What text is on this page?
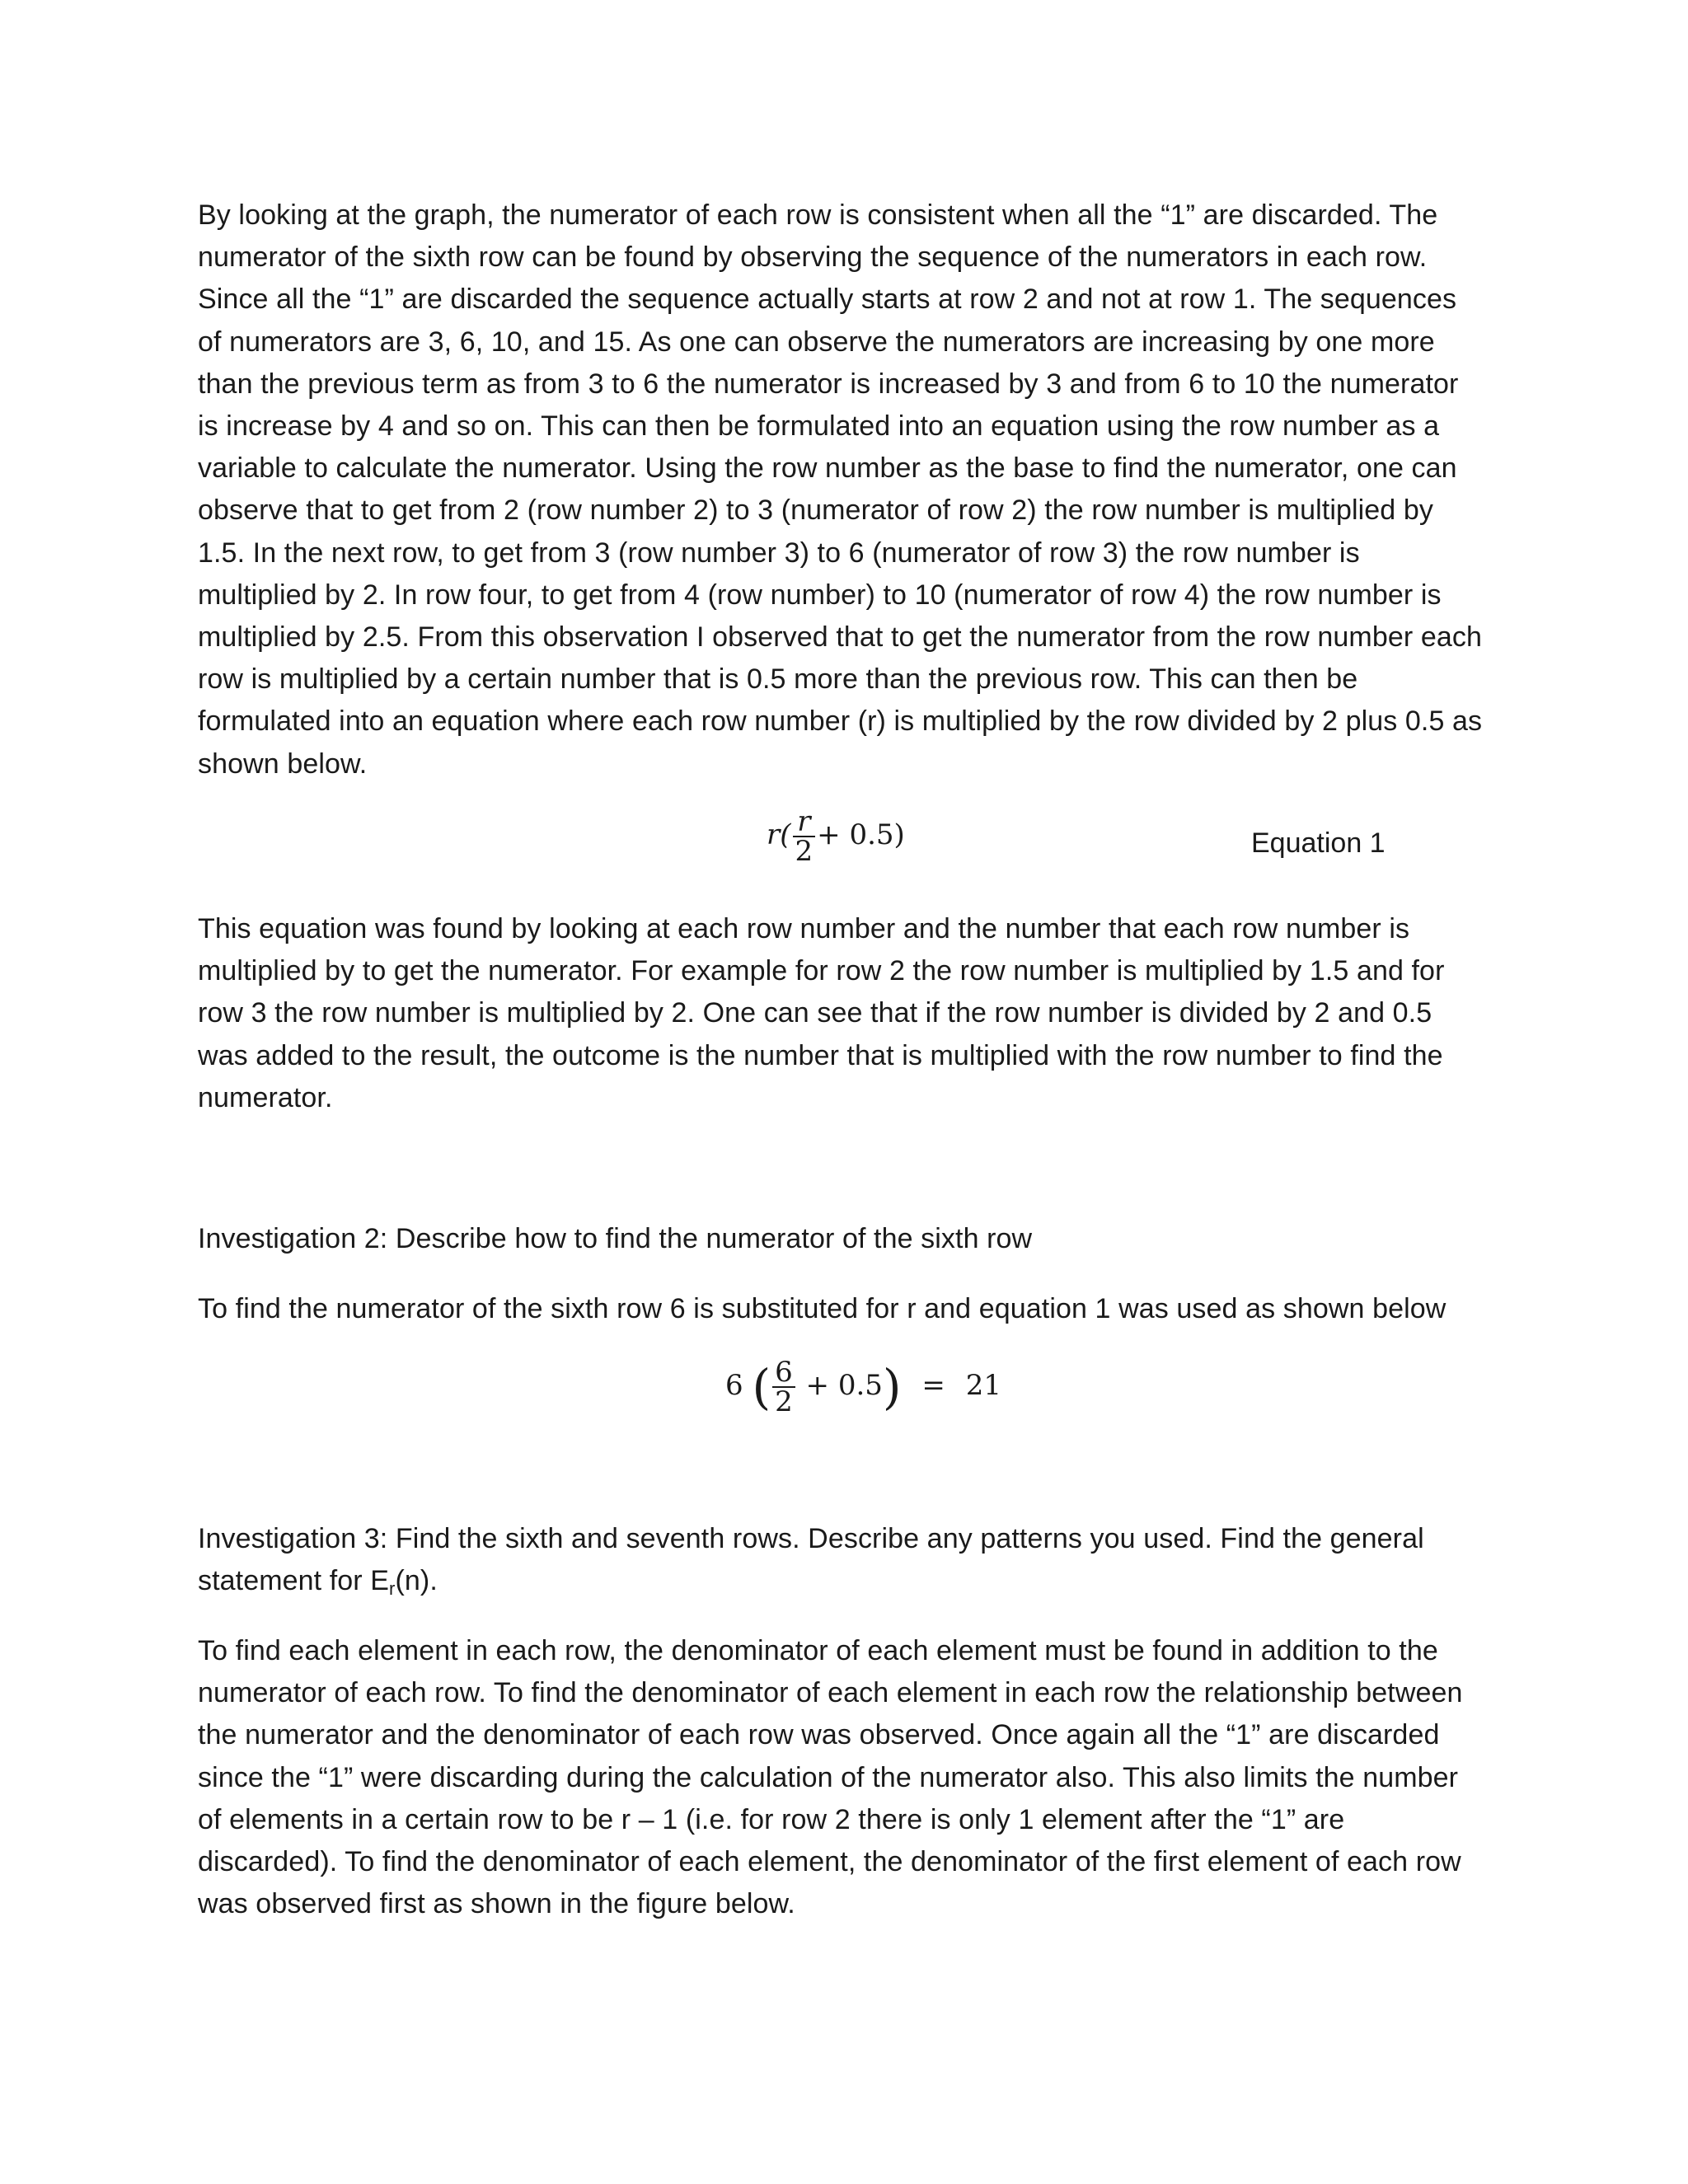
By looking at the graph, the numerator of each row is consistent when all the “1” are discarded. The numerator of the sixth row can be found by observing the sequence of the numerators in each row. Since all the “1” are discarded the sequence actually starts at row 2 and not at row 1. The sequences of numerators are 3, 6, 10, and 15. As one can observe the numerators are increasing by one more than the previous term as from 3 to 6 the numerator is increased by 3 and from 6 to 10 the numerator is increase by 4 and so on. This can then be formulated into an equation using the row number as a variable to calculate the numerator. Using the row number as the base to find the numerator, one can observe that to get from 2 (row number 2) to 3 (numerator of row 2) the row number is multiplied by 1.5. In the next row, to get from 3 (row number 3) to 6 (numerator of row 3) the row number is multiplied by 2. In row four, to get from 4 (row number) to 10 (numerator of row 4) the row number is multiplied by 2.5. From this observation I observed that to get the numerator from the row number each row is multiplied by a certain number that is 0.5 more than the previous row. This can then be formulated into an equation where each row number (r) is multiplied by the row divided by 2 plus 0.5 as shown below.

$r( \frac{r}{2} + 0.5)$	Equation 1

This equation was found by looking at each row number and the number that each row number is multiplied by to get the numerator. For example for row 2 the row number is multiplied by 1.5 and for row 3 the row number is multiplied by 2. One can see that if the row number is divided by 2 and 0.5 was added to the result, the outcome is the number that is multiplied with the row number to find the numerator.

Investigation 2: Describe how to find the numerator of the sixth row

To find the numerator of the sixth row 6 is substituted for r and equation 1 was used as shown below

6 ( $\frac{6}{2} + 0.5) = 21$

Investigation 3: Find the sixth and seventh rows. Describe any patterns you used. Find the general statement for $E_r(n)$.

To find each element in each row, the denominator of each element must be found in addition to the numerator of each row. To find the denominator of each element in each row the relationship between the numerator and the denominator of each row was observed. Once again all the “1” are discarded since the “1” were discarding during the calculation of the numerator also. This also limits the number of elements in a certain row to be r – 1 (i.e. for row 2 there is only 1 element after the “1” are discarded). To find the denominator of each element, the denominator of the first element of each row was observed first as shown in the figure below.
